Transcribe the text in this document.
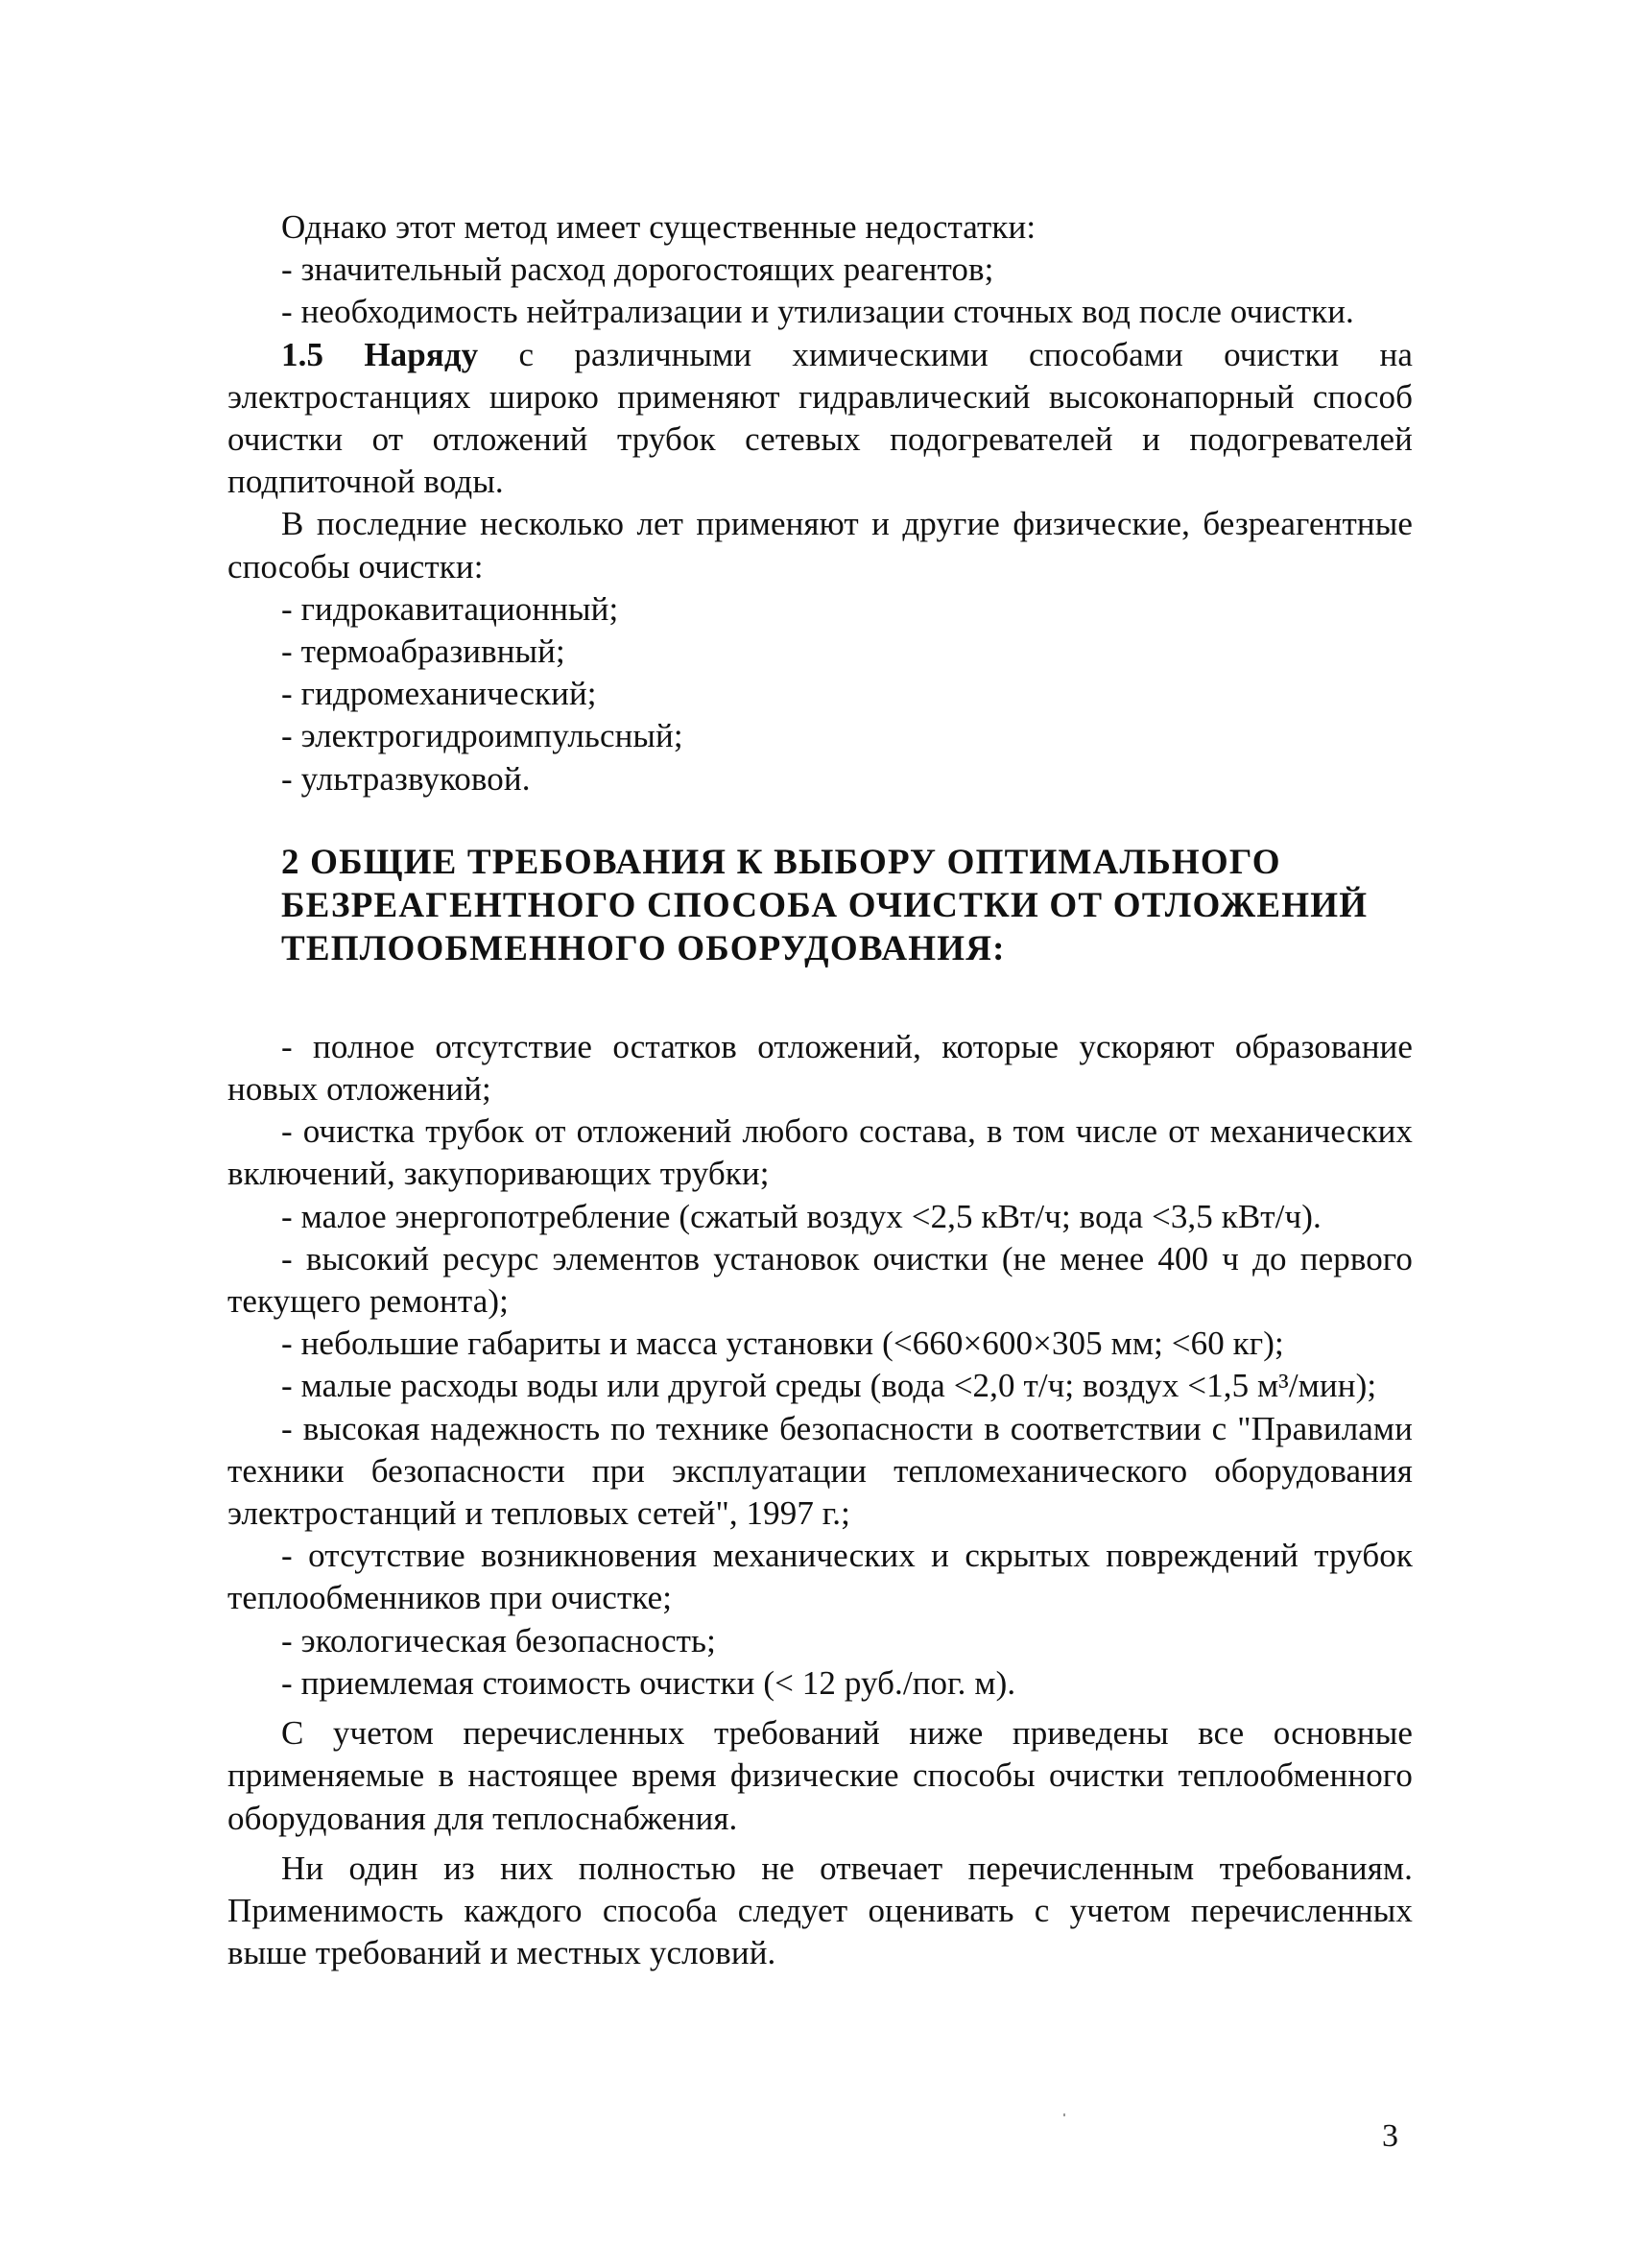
Однако этот метод имеет существенные недостатки:

- значительный расход дорогостоящих реагентов;

- необходимость нейтрализации и утилизации сточных вод после очистки.

1.5 Наряду с различными химическими способами очистки на электростанциях широко применяют гидравлический высоконапорный способ очистки от отложений трубок сетевых подогревателей и подогревателей подпиточной воды.

В последние несколько лет применяют и другие физические, безреагентные способы очистки:

- гидрокавитационный;

- термоабразивный;

- гидромеханический;

- электрогидроимпульсный;

- ультразвуковой.

2 ОБЩИЕ ТРЕБОВАНИЯ К ВЫБОРУ ОПТИМАЛЬНОГО
БЕЗРЕАГЕНТНОГО СПОСОБА ОЧИСТКИ ОТ ОТЛОЖЕНИЙ
ТЕПЛООБМЕННОГО ОБОРУДОВАНИЯ:

- полное отсутствие остатков отложений, которые ускоряют образование новых отложений;

- очистка трубок от отложений любого состава, в том числе от механических включений, закупоривающих трубки;

- малое энергопотребление (сжатый воздух <2,5 кВт/ч; вода <3,5 кВт/ч).

- высокий ресурс элементов установок очистки (не менее 400 ч до первого текущего ремонта);

- небольшие габариты и масса установки (<660×600×305 мм; <60 кг);

- малые расходы воды или другой среды (вода <2,0 т/ч; воздух <1,5 м³/мин);

- высокая надежность по технике безопасности в соответствии с "Правилами техники безопасности при эксплуатации тепломеханического оборудования электростанций и тепловых сетей", 1997 г.;

- отсутствие возникновения механических и скрытых повреждений трубок теплообменников при очистке;

- экологическая безопасность;

- приемлемая стоимость очистки (< 12 руб./пог. м).

С учетом перечисленных требований ниже приведены все основные применяемые в настоящее время физические способы очистки теплообменного оборудования для теплоснабжения.

Ни один из них полностью не отвечает перечисленным требованиям. Применимость каждого способа следует оценивать с учетом перечисленных выше требований и местных условий.

3
